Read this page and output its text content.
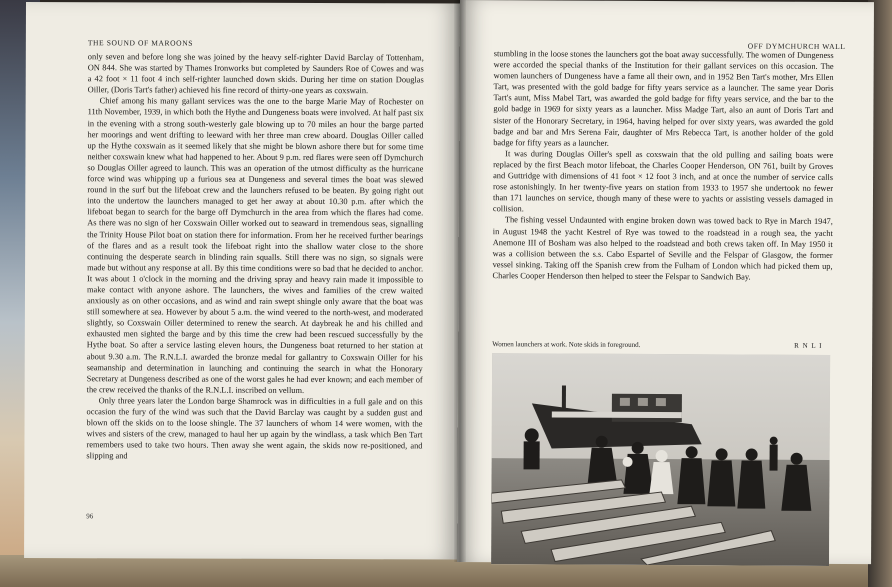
THE SOUND OF MAROONS

only seven and before long she was joined by the heavy self-righter David Barclay of Tottenham, ON 844. She was started by Thames Ironworks but completed by Saunders Roe of Cowes and was a 42 foot × 11 foot 4 inch self-righter launched down skids. During her time on station Douglas Oiller, (Doris Tart's father) achieved his fine record of thirty-one years as coxswain.

Chief among his many gallant services was the one to the barge Marie May of Rochester on 11th November, 1939, in which both the Hythe and Dungeness boats were involved. At half past six in the evening with a strong south-westerly gale blowing up to 70 miles an hour the barge parted her moorings and went drifting to leeward with her three man crew aboard. Douglas Oiller called up the Hythe coxswain as it seemed likely that she might be blown ashore there but for some time neither coxswain knew what had happened to her. About 9 p.m. red flares were seen off Dymchurch so Douglas Oiller agreed to launch. This was an operation of the utmost difficulty as the hurricane force wind was whipping up a furious sea at Dungeness and several times the boat was slewed round in the surf but the lifeboat crew and the launchers refused to be beaten. By going right out into the undertow the launchers managed to get her away at about 10.30 p.m. after which the lifeboat began to search for the barge off Dymchurch in the area from which the flares had come. As there was no sign of her Coxswain Oiller worked out to seaward in tremendous seas, signalling the Trinity House Pilot boat on station there for information. From her he received further bearings of the flares and as a result took the lifeboat right into the shallow water close to the shore continuing the desperate search in blinding rain squalls. Still there was no sign, so signals were made but without any response at all. By this time conditions were so bad that he decided to anchor. It was about 1 o'clock in the morning and the driving spray and heavy rain made it impossible to make contact with anyone ashore. The launchers, the wives and families of the crew waited anxiously as on other occasions, and as wind and rain swept shingle only aware that the boat was still somewhere at sea. However by about 5 a.m. the wind veered to the north-west, and moderated slightly, so Coxswain Oiller determined to renew the search. At daybreak he and his chilled and exhausted men sighted the barge and by this time the crew had been rescued successfully by the Hythe boat. So after a service lasting eleven hours, the Dungeness boat returned to her station at about 9.30 a.m. The R.N.L.I. awarded the bronze medal for gallantry to Coxswain Oiller for his seamanship and determination in launching and continuing the search in what the Honorary Secretary at Dungeness described as one of the worst gales he had ever known; and each member of the crew received the thanks of the R.N.L.I. inscribed on vellum.

Only three years later the London barge Shamrock was in difficulties in a full gale and on this occasion the fury of the wind was such that the David Barclay was caught by a sudden gust and blown off the skids on to the loose shingle. The 37 launchers of whom 14 were women, with the wives and sisters of the crew, managed to haul her up again by the windlass, a task which Ben Tart remembers used to take two hours. Then away she went again, the skids now re-positioned, and slipping and

96
OFF DYMCHURCH WALL

stumbling in the loose stones the launchers got the boat away successfully. The women of Dungeness were accorded the special thanks of the Institution for their gallant services on this occasion. The women launchers of Dungeness have a fame all their own, and in 1952 Ben Tart's mother, Mrs Ellen Tart, was presented with the gold badge for fifty years service as a launcher. The same year Doris Tart's aunt, Miss Mabel Tart, was awarded the gold badge for fifty years service, and the bar to the gold badge in 1969 for sixty years as a launcher. Miss Madge Tart, also an aunt of Doris Tart and sister of the Honorary Secretary, in 1964, having helped for over sixty years, was awarded the gold badge and bar and Mrs Serena Fair, daughter of Mrs Rebecca Tart, is another holder of the gold badge for fifty years as a launcher.

It was during Douglas Oiller's spell as coxswain that the old pulling and sailing boats were replaced by the first Beach motor lifeboat, the Charles Cooper Henderson, ON 761, built by Groves and Guttridge with dimensions of 41 foot × 12 foot 3 inch, and at once the number of service calls rose astonishingly. In her twenty-five years on station from 1933 to 1957 she undertook no fewer than 171 launches on service, though many of these were to yachts or assisting vessels damaged in collision.

The fishing vessel Undaunted with engine broken down was towed back to Rye in March 1947, in August 1948 the yacht Kestrel of Rye was towed to the roadstead in a rough sea, the yacht Anemone III of Bosham was also helped to the roadstead and both crews taken off. In May 1950 it was a collision between the s.s. Cabo Espartel of Seville and the Felspar of Glasgow, the former vessel sinking. Taking off the Spanish crew from the Fulham of London which had picked them up, Charles Cooper Henderson then helped to steer the Felspar to Sandwich Bay.

Women launchers at work. Note skids in foreground.	R N L I
